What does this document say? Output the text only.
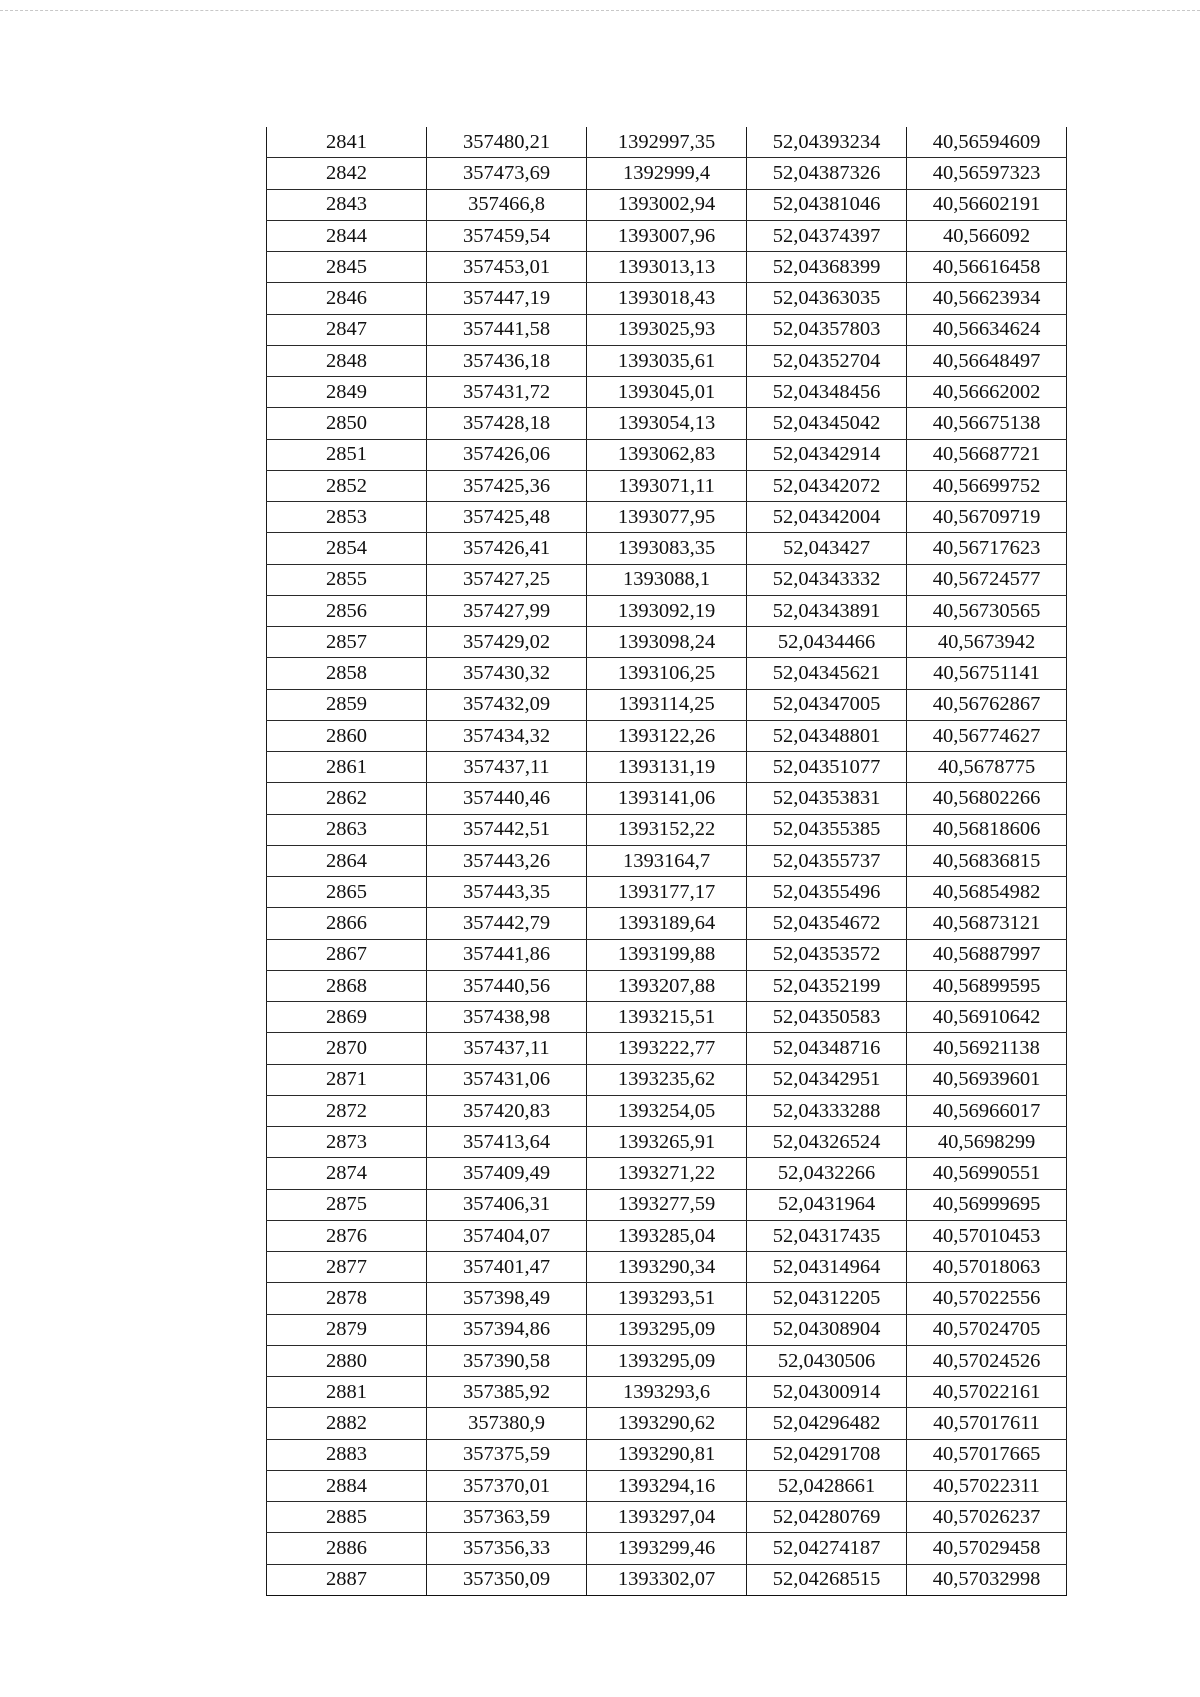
2841	357480,21	1392997,35	52,04393234	40,56594609
2842	357473,69	1392999,4	52,04387326	40,56597323
2843	357466,8	1393002,94	52,04381046	40,56602191
2844	357459,54	1393007,96	52,04374397	40,566092
2845	357453,01	1393013,13	52,04368399	40,56616458
2846	357447,19	1393018,43	52,04363035	40,56623934
2847	357441,58	1393025,93	52,04357803	40,56634624
2848	357436,18	1393035,61	52,04352704	40,56648497
2849	357431,72	1393045,01	52,04348456	40,56662002
2850	357428,18	1393054,13	52,04345042	40,56675138
2851	357426,06	1393062,83	52,04342914	40,56687721
2852	357425,36	1393071,11	52,04342072	40,56699752
2853	357425,48	1393077,95	52,04342004	40,56709719
2854	357426,41	1393083,35	52,043427	40,56717623
2855	357427,25	1393088,1	52,04343332	40,56724577
2856	357427,99	1393092,19	52,04343891	40,56730565
2857	357429,02	1393098,24	52,0434466	40,5673942
2858	357430,32	1393106,25	52,04345621	40,56751141
2859	357432,09	1393114,25	52,04347005	40,56762867
2860	357434,32	1393122,26	52,04348801	40,56774627
2861	357437,11	1393131,19	52,04351077	40,5678775
2862	357440,46	1393141,06	52,04353831	40,56802266
2863	357442,51	1393152,22	52,04355385	40,56818606
2864	357443,26	1393164,7	52,04355737	40,56836815
2865	357443,35	1393177,17	52,04355496	40,56854982
2866	357442,79	1393189,64	52,04354672	40,56873121
2867	357441,86	1393199,88	52,04353572	40,56887997
2868	357440,56	1393207,88	52,04352199	40,56899595
2869	357438,98	1393215,51	52,04350583	40,56910642
2870	357437,11	1393222,77	52,04348716	40,56921138
2871	357431,06	1393235,62	52,04342951	40,56939601
2872	357420,83	1393254,05	52,04333288	40,56966017
2873	357413,64	1393265,91	52,04326524	40,5698299
2874	357409,49	1393271,22	52,0432266	40,56990551
2875	357406,31	1393277,59	52,0431964	40,56999695
2876	357404,07	1393285,04	52,04317435	40,57010453
2877	357401,47	1393290,34	52,04314964	40,57018063
2878	357398,49	1393293,51	52,04312205	40,57022556
2879	357394,86	1393295,09	52,04308904	40,57024705
2880	357390,58	1393295,09	52,0430506	40,57024526
2881	357385,92	1393293,6	52,04300914	40,57022161
2882	357380,9	1393290,62	52,04296482	40,57017611
2883	357375,59	1393290,81	52,04291708	40,57017665
2884	357370,01	1393294,16	52,0428661	40,57022311
2885	357363,59	1393297,04	52,04280769	40,57026237
2886	357356,33	1393299,46	52,04274187	40,57029458
2887	357350,09	1393302,07	52,04268515	40,57032998
